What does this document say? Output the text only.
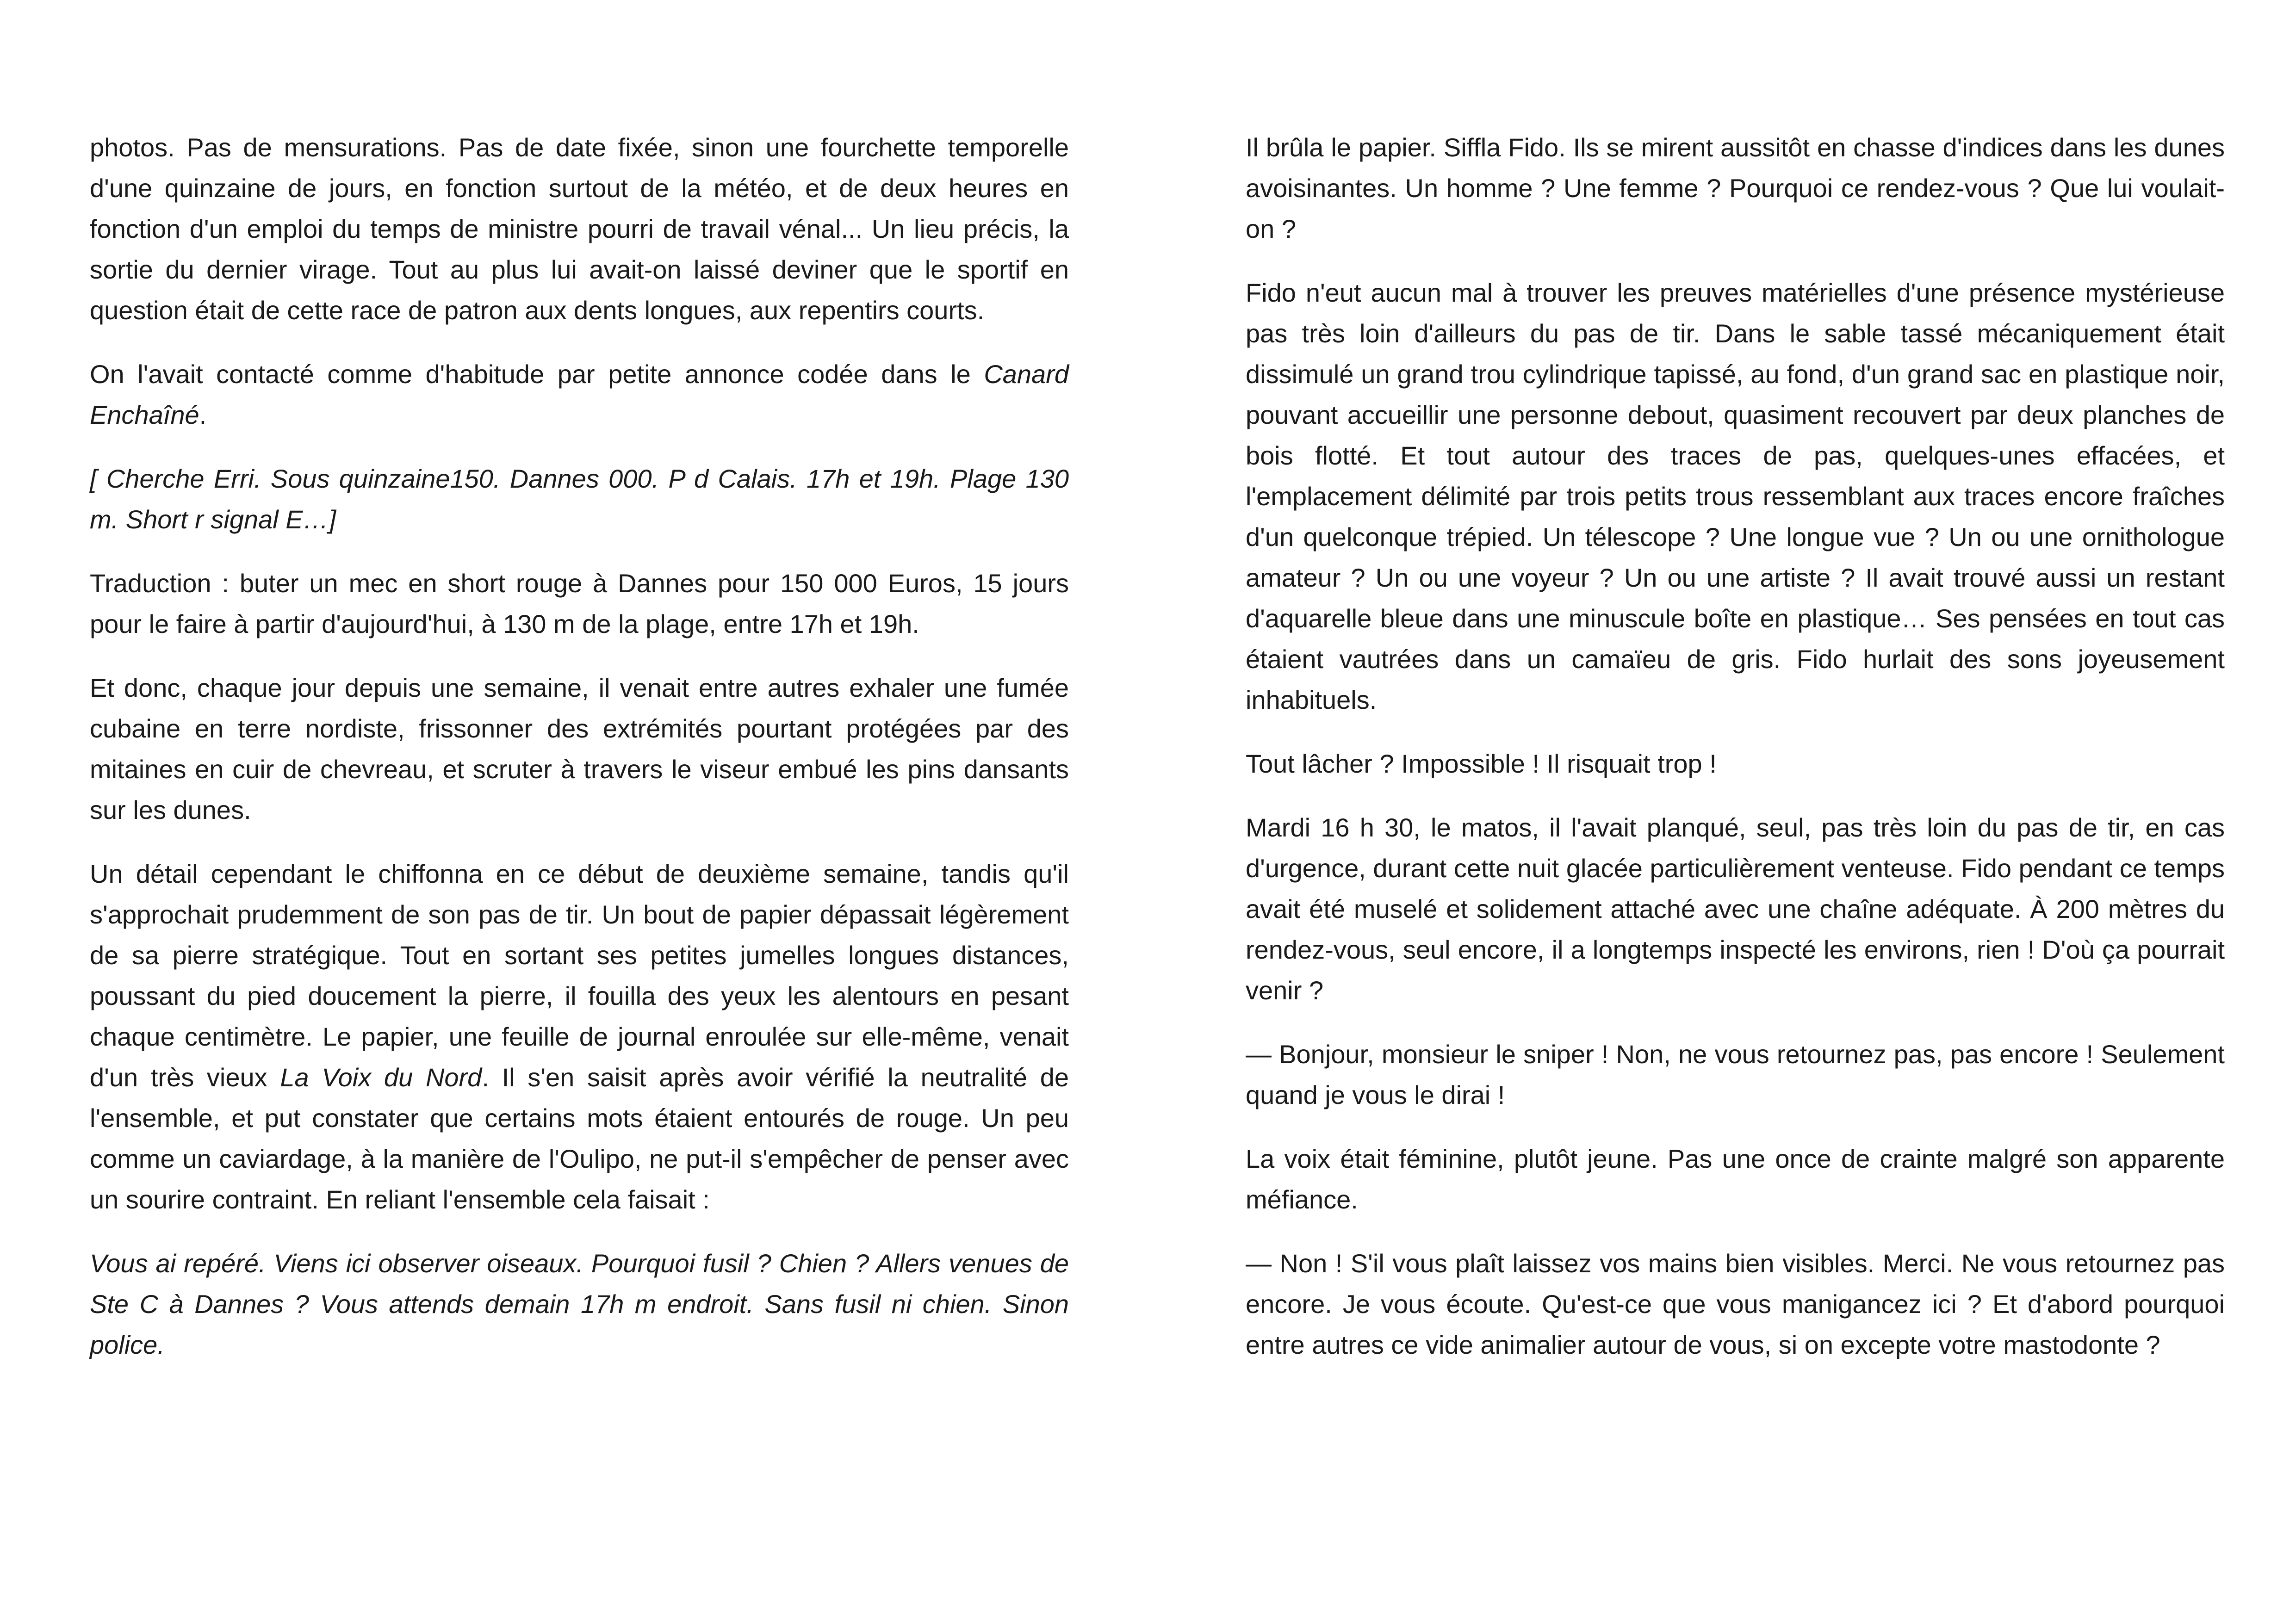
photos. Pas de mensurations. Pas de date fixée, sinon une fourchette temporelle d'une quinzaine de jours, en fonction surtout de la météo, et de deux heures en fonction d'un emploi du temps de ministre pourri de travail vénal... Un lieu précis, la sortie du dernier virage. Tout au plus lui avait-on laissé deviner que le sportif en question était de cette race de patron aux dents longues, aux repentirs courts.

On l'avait contacté comme d'habitude par petite annonce codée dans le Canard Enchaîné.

[ Cherche Erri. Sous quinzaine150. Dannes 000. P d Calais. 17h et 19h. Plage 130 m. Short r signal E…]

Traduction : buter un mec en short rouge à Dannes pour 150 000 Euros, 15 jours pour le faire à partir d'aujourd'hui, à 130 m de la plage, entre 17h et 19h.

Et donc, chaque jour depuis une semaine, il venait entre autres exhaler une fumée cubaine en terre nordiste, frissonner des extrémités pourtant protégées par des mitaines en cuir de chevreau, et scruter à travers le viseur embué les pins dansants sur les dunes.

Un détail cependant le chiffonna en ce début de deuxième semaine, tandis qu'il s'approchait prudemment de son pas de tir. Un bout de papier dépassait légèrement de sa pierre stratégique. Tout en sortant ses petites jumelles longues distances, poussant du pied doucement la pierre, il fouilla des yeux les alentours en pesant chaque centimètre. Le papier, une feuille de journal enroulée sur elle-même, venait d'un très vieux La Voix du Nord. Il s'en saisit après avoir vérifié la neutralité de l'ensemble, et put constater que certains mots étaient entourés de rouge. Un peu comme un caviardage, à la manière de l'Oulipo, ne put-il s'empêcher de penser avec un sourire contraint. En reliant l'ensemble cela faisait :

Vous ai repéré. Viens ici observer oiseaux. Pourquoi fusil ? Chien ? Allers venues de Ste C à Dannes ? Vous attends demain 17h m endroit. Sans fusil ni chien. Sinon police.

Il brûla le papier. Siffla Fido. Ils se mirent aussitôt en chasse d'indices dans les dunes avoisinantes. Un homme ? Une femme ? Pourquoi ce rendez-vous ? Que lui voulait-on ?

Fido n'eut aucun mal à trouver les preuves matérielles d'une présence mystérieuse pas très loin d'ailleurs du pas de tir. Dans le sable tassé mécaniquement était dissimulé un grand trou cylindrique tapissé, au fond, d'un grand sac en plastique noir, pouvant accueillir une personne debout, quasiment recouvert par deux planches de bois flotté. Et tout autour des traces de pas, quelques-unes effacées, et l'emplacement délimité par trois petits trous ressemblant aux traces encore fraîches d'un quelconque trépied. Un télescope ? Une longue vue ? Un ou une ornithologue amateur ? Un ou une voyeur ? Un ou une artiste ? Il avait trouvé aussi un restant d'aquarelle bleue dans une minuscule boîte en plastique… Ses pensées en tout cas étaient vautrées dans un camaïeu de gris. Fido hurlait des sons joyeusement inhabituels.

Tout lâcher ? Impossible ! Il risquait trop !

Mardi 16 h 30, le matos, il l'avait planqué, seul, pas très loin du pas de tir, en cas d'urgence, durant cette nuit glacée particulièrement venteuse. Fido pendant ce temps avait été muselé et solidement attaché avec une chaîne adéquate. À 200 mètres du rendez-vous, seul encore, il a longtemps inspecté les environs, rien ! D'où ça pourrait venir ?

— Bonjour, monsieur le sniper ! Non, ne vous retournez pas, pas encore ! Seulement quand je vous le dirai !

La voix était féminine, plutôt jeune. Pas une once de crainte malgré son apparente méfiance.

— Non ! S'il vous plaît laissez vos mains bien visibles. Merci. Ne vous retournez pas encore. Je vous écoute. Qu'est-ce que vous manigancez ici ? Et d'abord pourquoi entre autres ce vide animalier autour de vous, si on excepte votre mastodonte ?
